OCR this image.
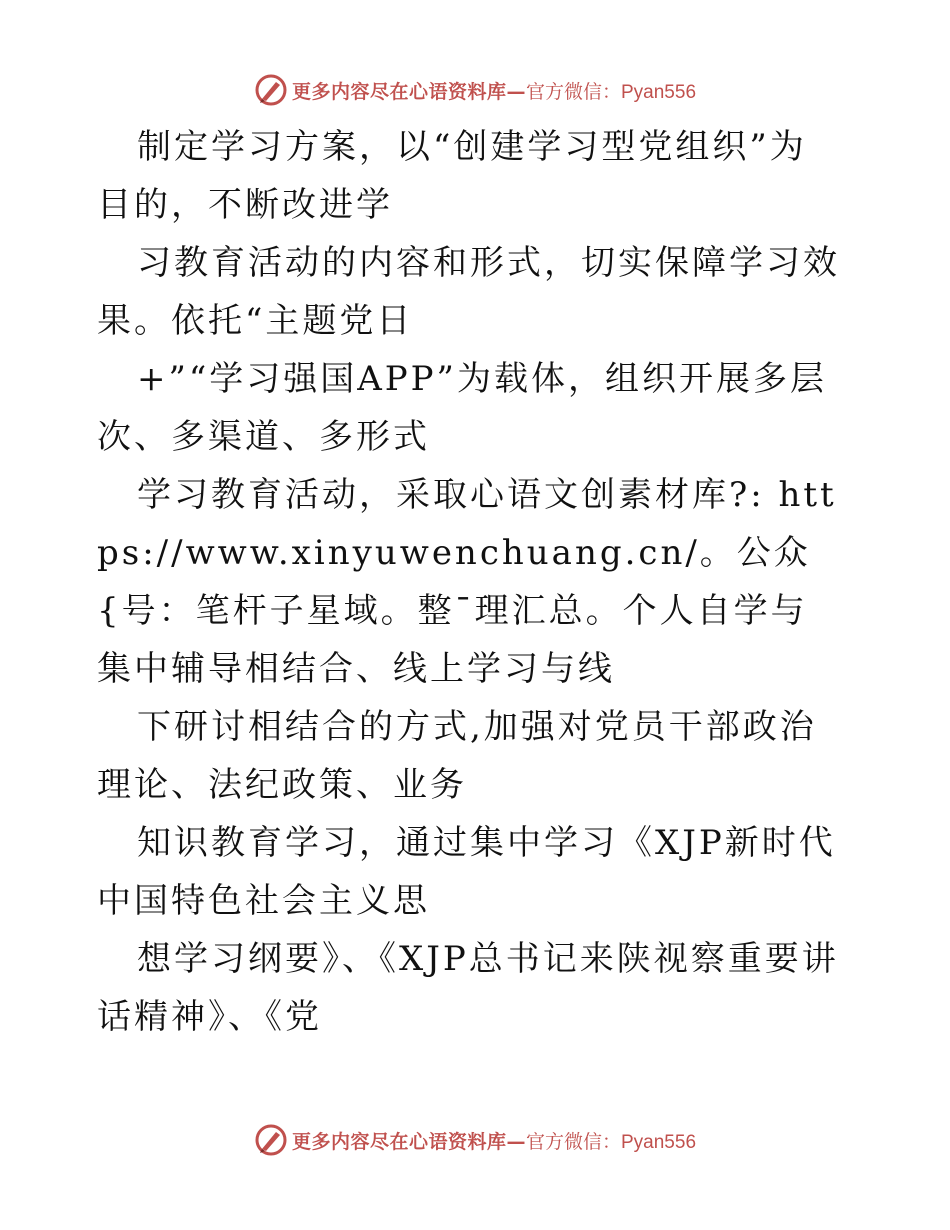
更多内容尽在心语资料库— 官方微信：Pyan556

制定学习方案，以“创建学习型党组织”为目的，不断改进学

习教育活动的内容和形式，切实保障学习效果。依托“主题党日

+”“学习强国APP”为载体，组织开展多层次、多渠道、多形式

学习教育活动，采取心语文创素材库?: https://www.xinyuwenchuang.cn/。公众{号：笔杆子星域。整¯理汇总。个人自学与集中辅导相结合、线上学习与线

下研讨相结合的方式,加强对党员干部政治理论、法纪政策、业务

知识教育学习，通过集中学习《XJP新时代中国特色社会主义思

想学习纲要》、《XJP总书记来陕视察重要讲话精神》、《党

更多内容尽在心语资料库— 官方微信：Pyan556
